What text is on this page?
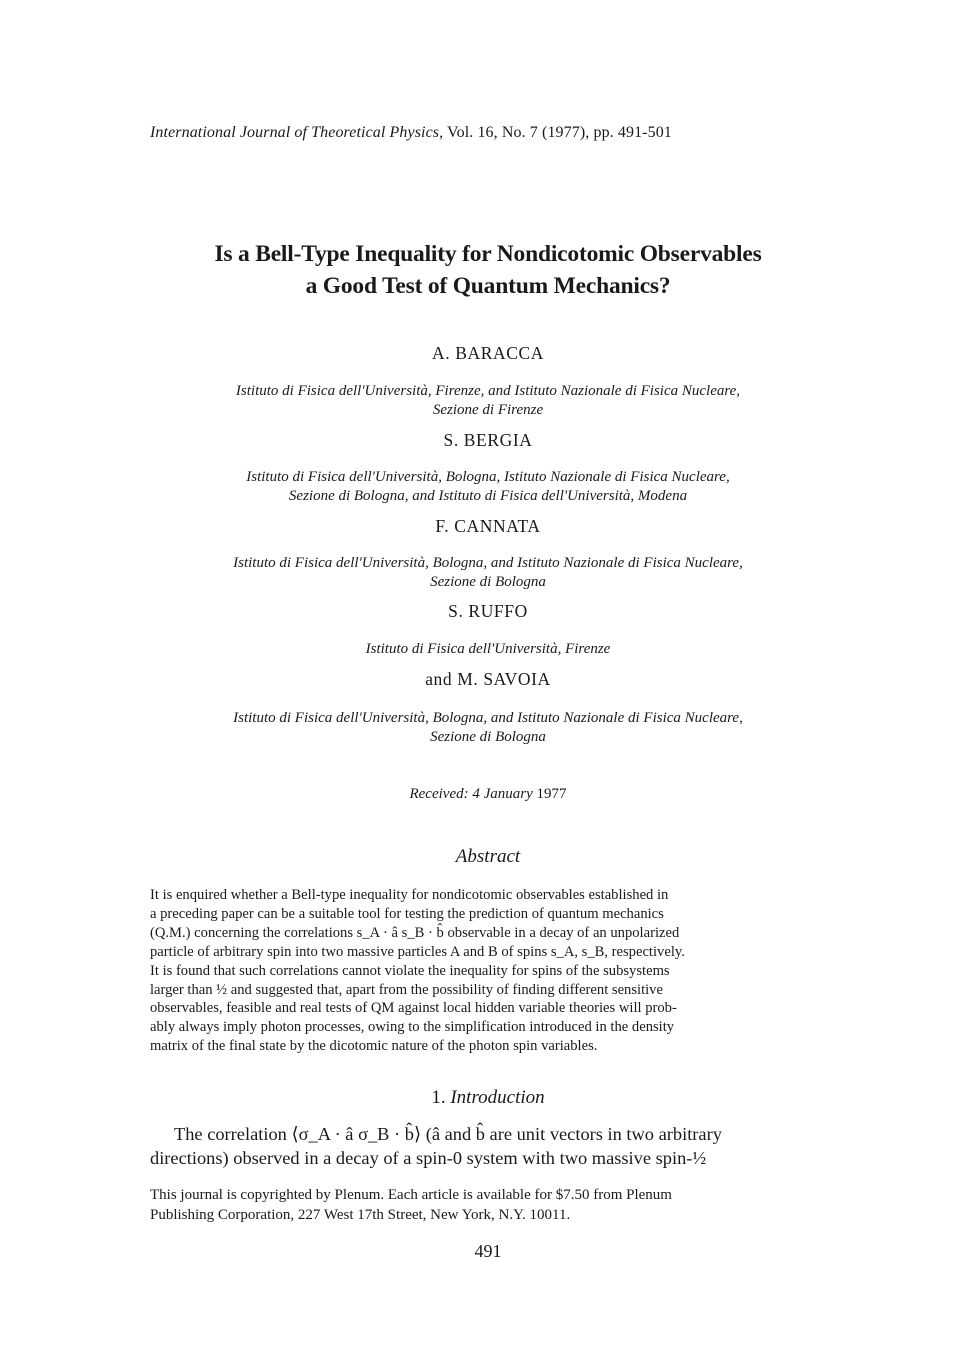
International Journal of Theoretical Physics, Vol. 16, No. 7 (1977), pp. 491-501
Is a Bell-Type Inequality for Nondicotomic Observables
a Good Test of Quantum Mechanics?
A. BARACCA
Istituto di Fisica dell'Università, Firenze, and Istituto Nazionale di Fisica Nucleare,
Sezione di Firenze
S. BERGIA
Istituto di Fisica dell'Università, Bologna, Istituto Nazionale di Fisica Nucleare,
Sezione di Bologna, and Istituto di Fisica dell'Università, Modena
F. CANNATA
Istituto di Fisica dell'Università, Bologna, and Istituto Nazionale di Fisica Nucleare,
Sezione di Bologna
S. RUFFO
Istituto di Fisica dell'Università, Firenze
and M. SAVOIA
Istituto di Fisica dell'Università, Bologna, and Istituto Nazionale di Fisica Nucleare,
Sezione di Bologna
Received: 4 January 1977
Abstract

It is enquired whether a Bell-type inequality for nondicotomic observables established in

a preceding paper can be a suitable tool for testing the prediction of quantum mechanics

(Q.M.) concerning the correlations s_A · â s_B · b̂ observable in a decay of an unpolarized

particle of arbitrary spin into two massive particles A and B of spins s_A, s_B, respectively.

It is found that such correlations cannot violate the inequality for spins of the subsystems

larger than ½ and suggested that, apart from the possibility of finding different sensitive

observables, feasible and real tests of QM against local hidden variable theories will prob-

ably always imply photon processes, owing to the simplification introduced in the density

matrix of the final state by the dicotomic nature of the photon spin variables.

1. Introduction

The correlation ⟨σ_A · â σ_B · b̂⟩ (â and b̂ are unit vectors in two arbitrary

directions) observed in a decay of a spin-0 system with two massive spin-½

This journal is copyrighted by Plenum. Each article is available for $7.50 from Plenum
Publishing Corporation, 227 West 17th Street, New York, N.Y. 10011.
491
